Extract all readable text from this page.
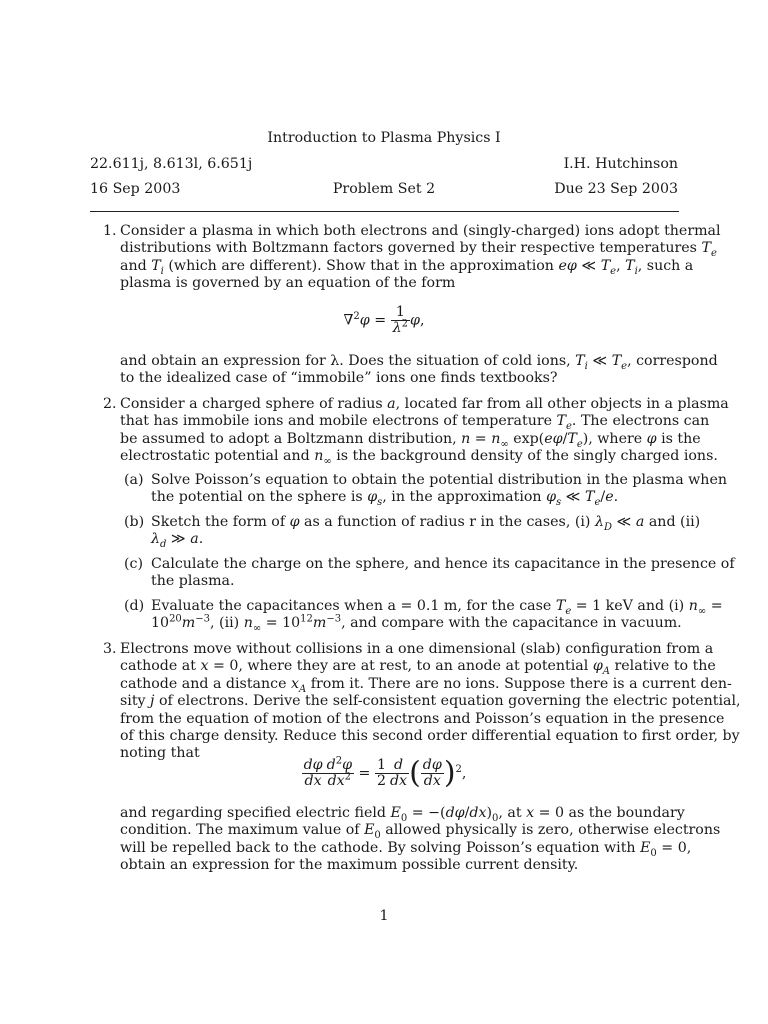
Introduction to Plasma Physics I
22.611j, 8.613l, 6.651j	I.H. Hutchinson
16 Sep 2003	Problem Set 2	Due 23 Sep 2003
1. Consider a plasma in which both electrons and (singly-charged) ions adopt thermal
distributions with Boltzmann factors governed by their respective temperatures $T_e$
and $T_i$ (which are different). Show that in the approximation eφ ≪ $T_e$, $T_i$, such a
plasma is governed by an equation of the form
$\nabla^2\varphi = \frac{1}{\lambda^2} \varphi$,
and obtain an expression for λ. Does the situation of cold ions, $T_i$ ≪ $T_e$, correspond
to the idealized case of “immobile” ions one finds textbooks?
2. Consider a charged sphere of radius a, located far from all other objects in a plasma
that has immobile ions and mobile electrons of temperature $T_e$. The electrons can
be assumed to adopt a Boltzmann distribution, $n = n_\infty$ $\exp(e\varphi/T_e)$, where φ is the
electrostatic potential and $n_\infty$ is the background density of the singly charged ions.
(a) Solve Poisson’s equation to obtain the potential distribution in the plasma when
the potential on the sphere is $\varphi_s$, in the approximation $\varphi_s$ ≪ $T_e/e$.
(b) Sketch the form of φ as a function of radius r in the cases, (i) $\lambda_D$ ≪ a and (ii)
$\lambda_d$ ≫ a.
(c) Calculate the charge on the sphere, and hence its capacitance in the presence of
the plasma.
(d) Evaluate the capacitances when a = 0.1 m, for the case $T_e = 1$ keV and (i) $n_\infty$ =
$10^{20}m^{-3}$, (ii) $n_\infty = 10^{12}m^{-3}$, and compare with the capacitance in vacuum.
3. Electrons move without collisions in a one dimensional (slab) configuration from a
cathode at x = 0, where they are at rest, to an anode at potential $\varphi_A$ relative to the
cathode and a distance $x_A$ from it. There are no ions. Suppose there is a current den-
sity j of electrons. Derive the self-consistent equation governing the electric potential,
from the equation of motion of the electrons and Poisson’s equation in the presence
of this charge density. Reduce this second order differential equation to first order, by
noting that
$\frac{d\varphi}{dx} \frac{d^2\varphi}{dx^2} = \frac{1}{2} \frac{d}{dx}$ ( $\frac{d\varphi}{dx} )^2$,
and regarding specified electric field $E_0 = -(d\varphi/dx)_0$, at x = 0 as the boundary
condition. The maximum value of $E_0$ allowed physically is zero, otherwise electrons
will be repelled back to the cathode. By solving Poisson’s equation with $E_0 = 0$,
obtain an expression for the maximum possible current density.
1
